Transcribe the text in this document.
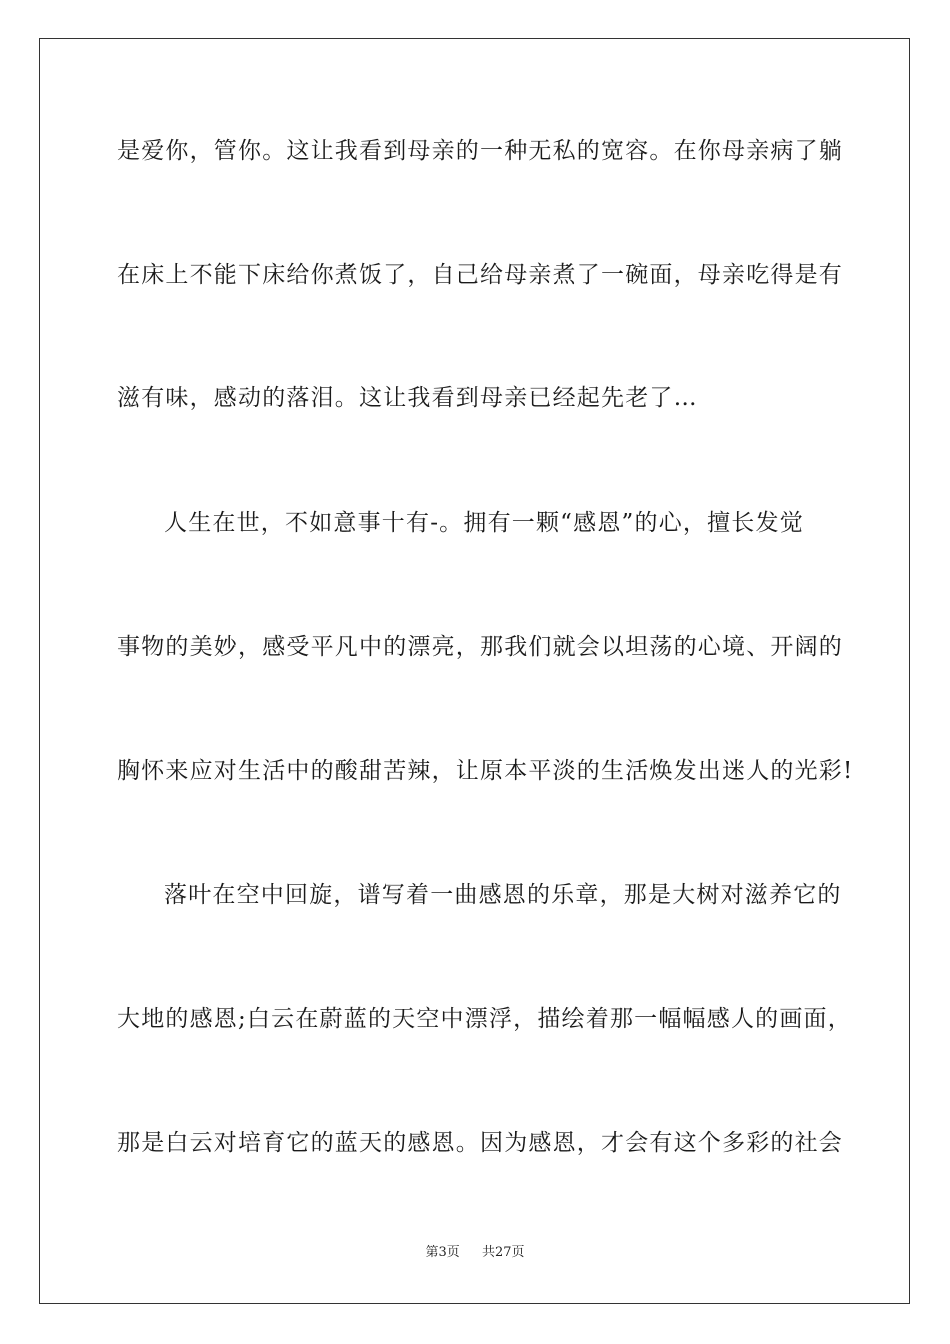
是爱你，管你。这让我看到母亲的一种无私的宽容。在你母亲病了躺
在床上不能下床给你煮饭了，自己给母亲煮了一碗面，母亲吃得是有
滋有味，感动的落泪。这让我看到母亲已经起先老了…
人生在世，不如意事十有-。拥有一颗“感恩”的心，擅长发觉
事物的美妙，感受平凡中的漂亮，那我们就会以坦荡的心境、开阔的
胸怀来应对生活中的酸甜苦辣，让原本平淡的生活焕发出迷人的光彩!
落叶在空中回旋，谱写着一曲感恩的乐章，那是大树对滋养它的
大地的感恩;白云在蔚蓝的天空中漂浮，描绘着那一幅幅感人的画面，
那是白云对培育它的蓝天的感恩。因为感恩，才会有这个多彩的社会
第3页 共27页
